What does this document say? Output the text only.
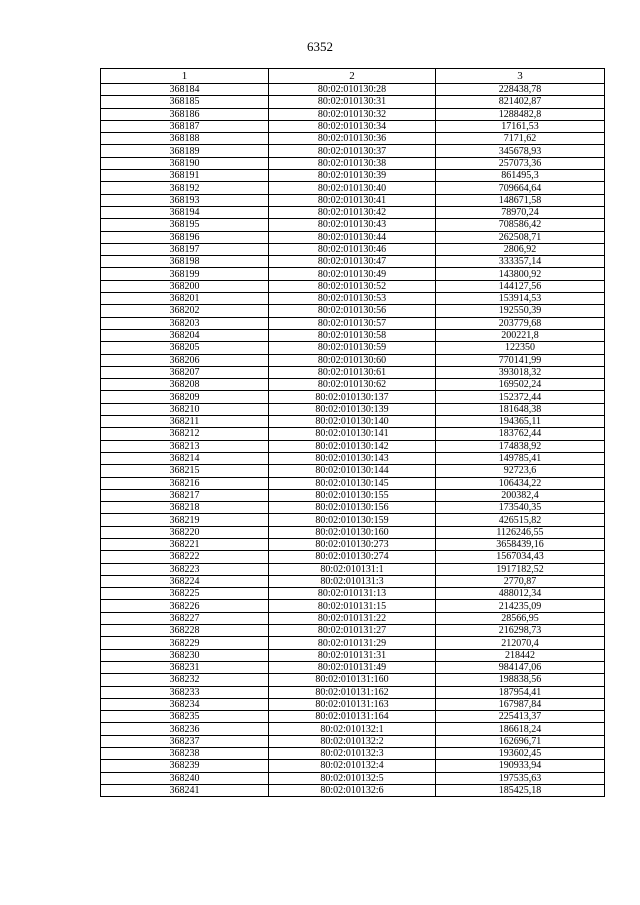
6352
1	2	3
368184	80:02:010130:28	228438,78
368185	80:02:010130:31	821402,87
368186	80:02:010130:32	1288482,8
368187	80:02:010130:34	17161,53
368188	80:02:010130:36	7171,62
368189	80:02:010130:37	345678,93
368190	80:02:010130:38	257073,36
368191	80:02:010130:39	861495,3
368192	80:02:010130:40	709664,64
368193	80:02:010130:41	148671,58
368194	80:02:010130:42	78970,24
368195	80:02:010130:43	708586,42
368196	80:02:010130:44	262508,71
368197	80:02:010130:46	2806,92
368198	80:02:010130:47	333357,14
368199	80:02:010130:49	143800,92
368200	80:02:010130:52	144127,56
368201	80:02:010130:53	153914,53
368202	80:02:010130:56	192550,39
368203	80:02:010130:57	203779,68
368204	80:02:010130:58	200221,8
368205	80:02:010130:59	122350
368206	80:02:010130:60	770141,99
368207	80:02:010130:61	393018,32
368208	80:02:010130:62	169502,24
368209	80:02:010130:137	152372,44
368210	80:02:010130:139	181648,38
368211	80:02:010130:140	194365,11
368212	80:02:010130:141	183762,44
368213	80:02:010130:142	174838,92
368214	80:02:010130:143	149785,41
368215	80:02:010130:144	92723,6
368216	80:02:010130:145	106434,22
368217	80:02:010130:155	200382,4
368218	80:02:010130:156	173540,35
368219	80:02:010130:159	426515,82
368220	80:02:010130:160	1126246,55
368221	80:02:010130:273	3658439,16
368222	80:02:010130:274	1567034,43
368223	80:02:010131:1	1917182,52
368224	80:02:010131:3	2770,87
368225	80:02:010131:13	488012,34
368226	80:02:010131:15	214235,09
368227	80:02:010131:22	28566,95
368228	80:02:010131:27	216298,73
368229	80:02:010131:29	212070,4
368230	80:02:010131:31	218442
368231	80:02:010131:49	984147,06
368232	80:02:010131:160	198838,56
368233	80:02:010131:162	187954,41
368234	80:02:010131:163	167987,84
368235	80:02:010131:164	225413,37
368236	80:02:010132:1	186618,24
368237	80:02:010132:2	162696,71
368238	80:02:010132:3	193602,45
368239	80:02:010132:4	190933,94
368240	80:02:010132:5	197535,63
368241	80:02:010132:6	185425,18
